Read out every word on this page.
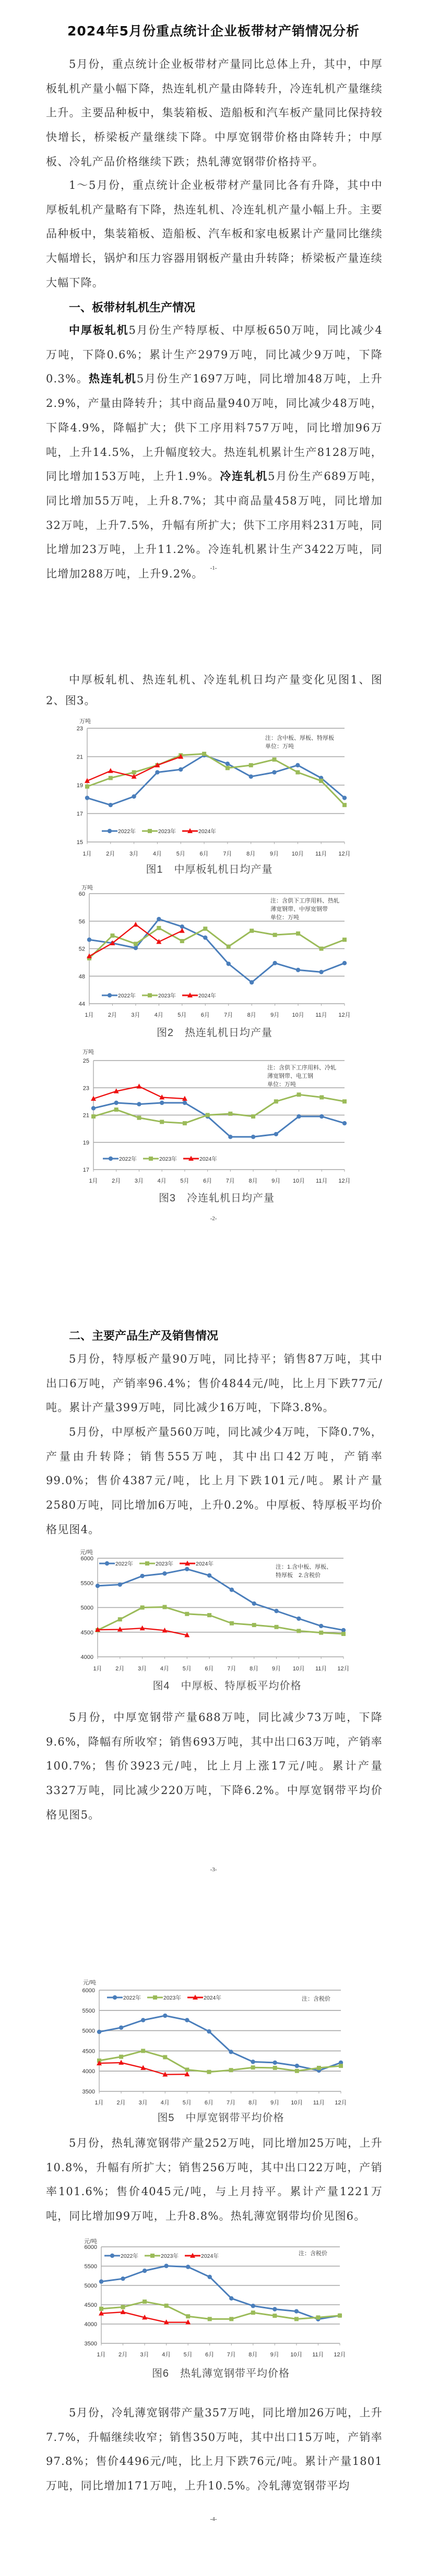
2024年5月份重点统计企业板带材产销情况分析
5月份，重点统计企业板带材产量同比总体上升，其中，中厚板轧机产量小幅下降，热连轧机产量由降转升，冷连轧机产量继续上升。主要品种板中，集装箱板、造船板和汽车板产量同比保持较快增长，桥梁板产量继续下降。中厚宽钢带价格由降转升；中厚板、冷轧产品价格继续下跌；热轧薄宽钢带价格持平。
1～5月份，重点统计企业板带材产量同比各有升降，其中中厚板轧机产量略有下降，热连轧机、冷连轧机产量小幅上升。主要品种板中，集装箱板、造船板、汽车板和家电板累计产量同比继续大幅增长，锅炉和压力容器用钢板产量由升转降；桥梁板产量连续大幅下降。
一、板带材轧机生产情况
中厚板轧机5月份生产特厚板、中厚板650万吨，同比减少4万吨，下降0.6%；累计生产2979万吨，同比减少9万吨，下降0.3%。热连轧机5月份生产1697万吨，同比增加48万吨，上升2.9%，产量由降转升；其中商品量940万吨，同比减少48万吨，下降4.9%，降幅扩大；供下工序用料757万吨，同比增加96万吨，上升14.5%，上升幅度较大。热连轧机累计生产8128万吨，同比增加153万吨，上升1.9%。冷连轧机5月份生产689万吨，同比增加55万吨，上升8.7%；其中商品量458万吨，同比增加32万吨，上升7.5%，升幅有所扩大；供下工序用料231万吨，同比增加23万吨，上升11.2%。冷连轧机累计生产3422万吨，同比增加288万吨，上升9.2%。	-1-
中厚板轧机、热连轧机、冷连轧机日均产量变化见图1、图2、图3。
-2-
二、主要产品生产及销售情况
5月份，特厚板产量90万吨，同比持平；销售87万吨，其中出口6万吨，产销率96.4%；售价4844元/吨，比上月下跌77元/吨。累计产量399万吨，同比减少16万吨，下降3.8%。
5月份，中厚板产量560万吨，同比减少4万吨，下降0.7%，产量由升转降；销售555万吨，其中出口42万吨，产销率99.0%；售价4387元/吨，比上月下跌101元/吨。累计产量2580万吨，同比增加6万吨，上升0.2%。中厚板、特厚板平均价格见图4。
5月份，中厚宽钢带产量688万吨，同比减少73万吨，下降9.6%，降幅有所收窄；销售693万吨，其中出口63万吨，产销率100.7%；售价3923元/吨，比上月上涨17元/吨。累计产量3327万吨，同比减少220万吨，下降6.2%。中厚宽钢带平均价格见图5。
-3-
5月份，热轧薄宽钢带产量252万吨，同比增加25万吨，上升10.8%，升幅有所扩大；销售256万吨，其中出口22万吨，产销率101.6%；售价4045元/吨，与上月持平。累计产量1221万吨，同比增加99万吨，上升8.8%。热轧薄宽钢带均价见图6。
5月份，冷轧薄宽钢带产量357万吨，同比增加26万吨，上升7.7%，升幅继续收窄；销售350万吨，其中出口15万吨，产销率97.8%；售价4496元/吨，比上月下跌76元/吨。累计产量1801万吨，同比增加171万吨，上升10.5%。冷轧薄宽钢带平均
-4-
23
21
19
17
15
万吨
1月	2月	3月	4月	5月	6月	7月	8月	9月 10月 11月 12月
2022年	2023年	2024年
注：含中板、厚板、特厚板
单位：万吨
图1　中厚板轧机日均产量
60
56
52
48
44
万吨
1月 2月 3月 4月 5月 6月 7月 8月 9月 10月 11月 12月
2022年	2023年	2024年
注：含供下工序用料、热轧
薄宽钢带、中厚宽钢带
单位：万吨
图2　热连轧机日均产量
25
23
21
19
17
万吨
1月 2月 3月 4月 5月 6月 7月 8月 9月 10月 11月 12月
2022年	2023年	2024年
注：含供下工序用料、冷轧
薄宽钢带、电工钢
单位：万吨
图3　冷连轧机日均产量
6000
5500
5000
4500
4000
元/吨
1月 2月 3月 4月 5月 6月 7月 8月 9月 10月 11月 12月
2022年	2023年	2024年	注：1.含中板、厚板、
特厚板　2.含税价
图4　中厚板、特厚板平均价格
6000
5500
5000
4500
4000
3500
元/吨
1月 2月 3月 4月 5月 6月 7月 8月 9月 10月 11月 12月
2022年	2023年	2024年	注：含税价
图5　中厚宽钢带平均价格
6000
5500
5000
4500
4000
3500
元/吨
1月 2月 3月 4月 5月 6月 7月 8月 9月 10月 11月 12月
2022年	2023年	2024年	注：含税价
图6　热轧薄宽钢带平均价格
